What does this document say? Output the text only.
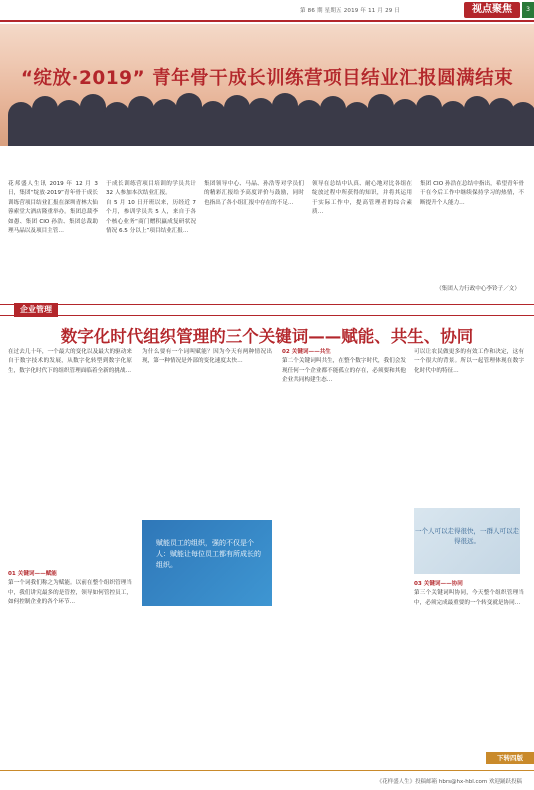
第 86 期 星期五 2019 年 11 月 29 日	视点聚焦	3
“绽放·2019” 青年骨干成长训练营项目结业汇报圆满结束
花邦盛人生讯 2019 年 12 月 3 日，集团“绽放·2019”青年骨干成长训练营项目结业汇报在深圳青林大仙蓉索堂大酒店隆重举办。集团总裁李如愚、集团 CIO 孙浩、集团总裁助理马晶以及项目主管…
于成长训练营项目培训的学员共计 32 人参加本次结业汇报。
自 5 月 10 日开班以来，历经近 7 个月，参训学员共 5 人，来自于各个核心业务“商门赠积赢成复研状况情况 6.5 分以上”项目结业汇报…
集团领导中心、马晶、孙浩等对学员们的精彩汇报给予高度评价与鼓励，同时也指出了各小组汇报中存在的不足…
领导在总结中认真、耐心地对比各组在绽放过程中所获得的知识，并将其运用于实际工作中，提高管理者的综合素质…
集团 CIO 孙浩在总结中指出，希望青年骨干在今后工作中继续保持学习的热情，不断提升个人能力…
（集团人力行政中心李铃子／文）
企业管理
数字化时代组织管理的三个关键词——赋能、共生、协同
在过去几十年，一个最大的变化以及最大的驱动来自于数字技术的发展，从数字化转型到数字化原生，数字化时代下的组织管理面临着全新的挑战…
01 关键词——赋能
第一个词我们称之为赋能。以前在整个组织管理当中，我们讲究最多的是管控，领导如何管控员工，如何控制企业的各个环节…
为什么要有一个词叫赋能？因为今天有两种情况出现，第一种情况是外部的变化速度太快…
赋能员工的组织，强的不仅是个人：赋能让每位员工都有所成长的组织。
02 关键词——共生
第二个关键词叫共生，在整个数字时代，我们会发现任何一个企业都不能孤立的存在，必须要和其他企业共同构建生态…
可以让农民做更多的有效工作和决定，这有一个很大的背景。所以一起管理体现在数字化时代中的特征…
一个人可以走得很快，一群人可以走得很远。
03 关键词——协同
第三个关键词叫协同，今天整个组织管理当中，必须完成最重要的一个转变就是协同…
下转四版
《花样盛人生》投稿邮箱 hbrs@hx-hbl.com 欢迎踊跃投稿
